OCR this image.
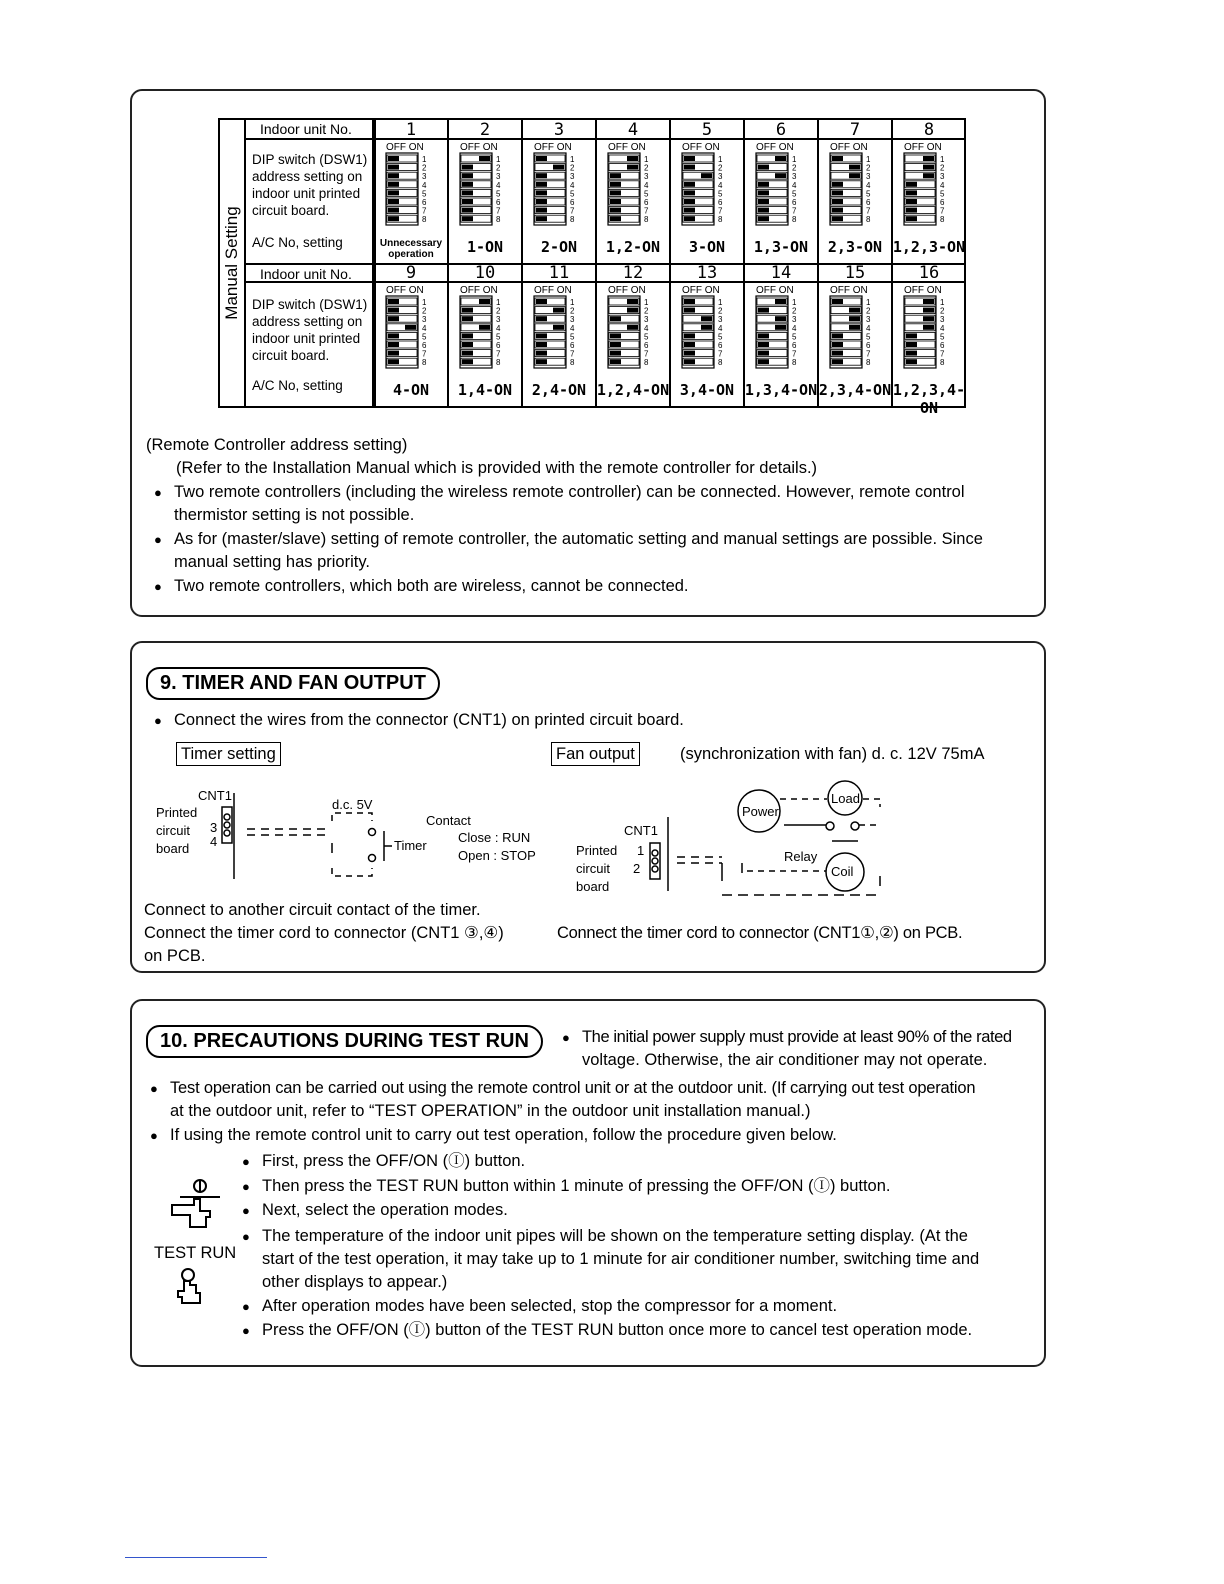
Manual Setting
Indoor unit No.
DIP switch (DSW1) address setting on indoor unit printed circuit board.
A/C No, setting
Indoor unit No.
DIP switch (DSW1) address setting on indoor unit printed circuit board.
A/C No, setting
1
OFF ON
1
2
3
4
5
6
7
8
Unnecessary operation
2
OFF ON
1
2
3
4
5
6
7
8
1-ON
3
OFF ON
1
2
3
4
5
6
7
8
2-ON
4
OFF ON
1
2
3
4
5
6
7
8
1,2-ON
5
OFF ON
1
2
3
4
5
6
7
8
3-ON
6
OFF ON
1
2
3
4
5
6
7
8
1,3-ON
7
OFF ON
1
2
3
4
5
6
7
8
2,3-ON
8
OFF ON
1
2
3
4
5
6
7
8
1,2,3-ON
9
OFF ON
1
2
3
4
5
6
7
8
4-ON
10
OFF ON
1
2
3
4
5
6
7
8
1,4-ON
11
OFF ON
1
2
3
4
5
6
7
8
2,4-ON
12
OFF ON
1
2
3
4
5
6
7
8
1,2,4-ON
13
OFF ON
1
2
3
4
5
6
7
8
3,4-ON
14
OFF ON
1
2
3
4
5
6
7
8
1,3,4-ON
15
OFF ON
1
2
3
4
5
6
7
8
2,3,4-ON
16
OFF ON
1
2
3
4
5
6
7
8
1,2,3,4-ON
(Remote Controller address setting)
(Refer to the Installation Manual which is provided with the remote controller for details.)
● Two remote controllers (including the wireless remote controller) can be connected. However, remote control
thermistor setting is not possible.
● As for (master/slave) setting of remote controller, the automatic setting and manual settings are possible. Since
manual setting has priority.
● Two remote controllers, which both are wireless, cannot be connected.
9. TIMER AND FAN OUTPUT
● Connect the wires from the connector (CNT1) on printed circuit board.
Timer setting	Fan output	(synchronization with fan) d. c. 12V 75mA
CNT1
Printed
circuit
board
3
4
d.c. 5V
Contact
Close : RUN
Open : STOP
Timer
CNT1
Printed
circuit
board
1
2
Power
Load
Relay
Coil
Connect to another circuit contact of the timer.
Connect the timer cord to connector (CNT1 ③,④)
on PCB.
Connect the timer cord to connector (CNT1①,②) on PCB.
10. PRECAUTIONS DURING TEST RUN
●	The initial power supply must provide at least 90% of the rated
voltage. Otherwise, the air conditioner may not operate.
● Test operation can be carried out using the remote control unit or at the outdoor unit. (If carrying out test operation
at the outdoor unit, refer to “TEST OPERATION” in the outdoor unit installation manual.)
● If using the remote control unit to carry out test operation, follow the procedure given below.
● First, press the OFF/ON (Ⓘ) button.
● Then press the TEST RUN button within 1 minute of pressing the OFF/ON (Ⓘ) button.
● Next, select the operation modes.
● The temperature of the indoor unit pipes will be shown on the temperature setting display. (At the
start of the test operation, it may take up to 1 minute for air conditioner number, switching time and
other displays to appear.)
● After operation modes have been selected, stop the compressor for a moment.
● Press the OFF/ON (Ⓘ) button of the TEST RUN button once more to cancel test operation mode.
TEST RUN
